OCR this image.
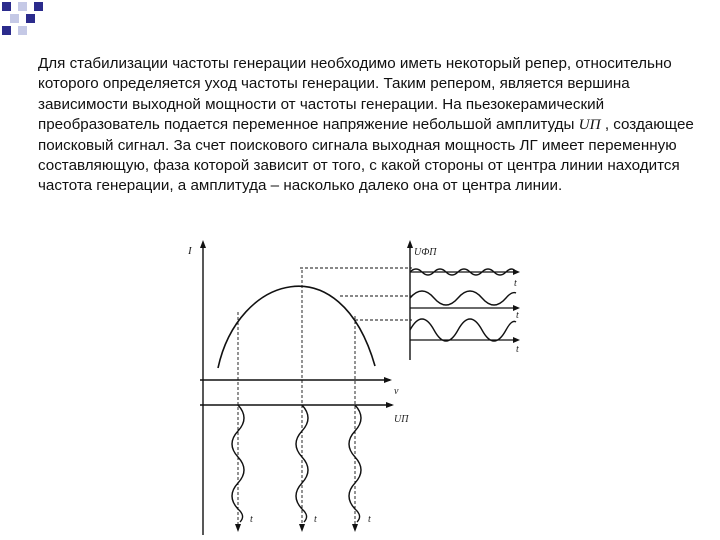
Для стабилизации частоты генерации необходимо иметь некоторый репер, относительно которого определяется уход частоты генерации. Таким репером, является вершина зависимости выходной мощности от частоты генерации. На пьезокерамический преобразователь подается переменное напряжение небольшой амплитуды UП , создающее поисковый сигнал. За счет поискового сигнала выходная мощность ЛГ имеет переменную составляющую, фаза которой зависит от того, с какой стороны от центра линии находится частота генерации, а амплитуда – насколько далеко она от центра линии.
I	UФП
t
t
t
ν
UП
t	t	t
